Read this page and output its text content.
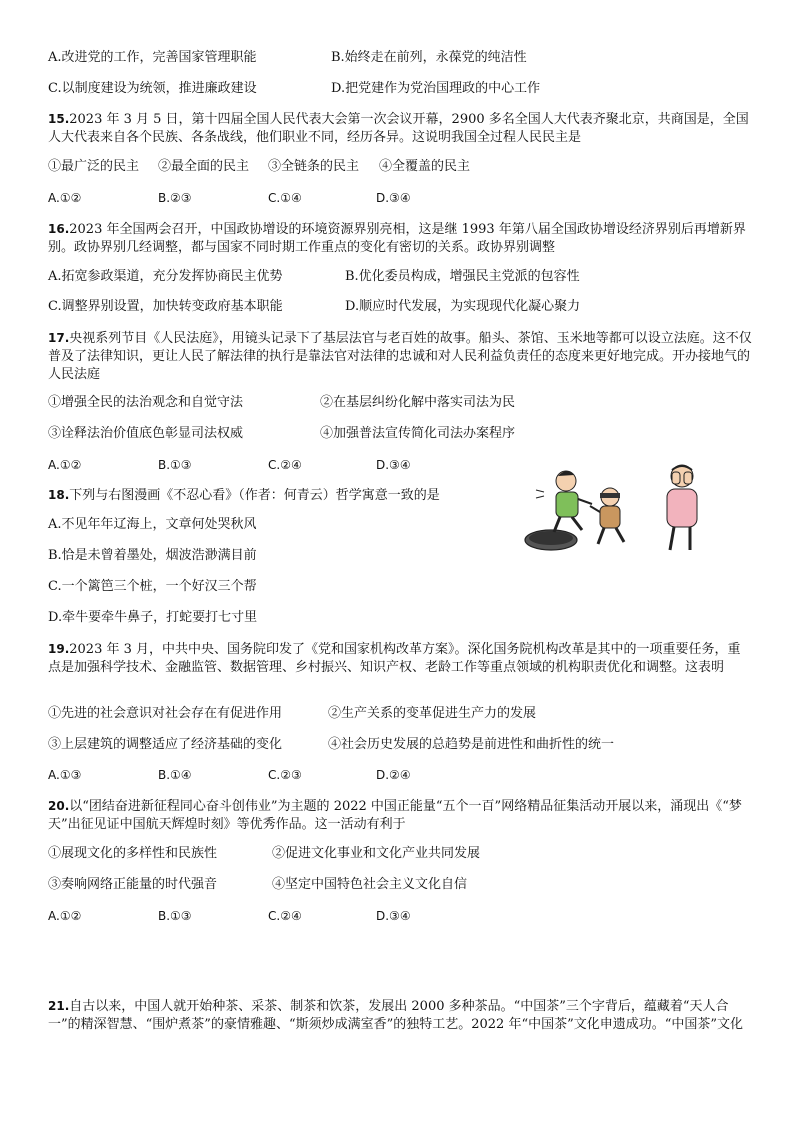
A.改进党的工作，完善国家管理职能	B.始终走在前列，永葆党的纯洁性
C.以制度建设为统领，推进廉政建设	D.把党建作为党治国理政的中心工作
15.2023 年 3 月 5 日，第十四届全国人民代表大会第一次会议开幕，2900 多名全国人大代表齐聚北京，共商国是，全国人大代表来自各个民族、各条战线，他们职业不同，经历各异。这说明我国全过程人民民主是
①最广泛的民主 ②最全面的民主 ③全链条的民主 ④全覆盖的民主
A.①②	B.②③	C.①④	D.③④
16.2023 年全国两会召开，中国政协增设的环境资源界别亮相，这是继 1993 年第八届全国政协增设经济界别后再增新界别。政协界别几经调整，都与国家不同时期工作重点的变化有密切的关系。政协界别调整
A.拓宽参政渠道，充分发挥协商民主优势	B.优化委员构成，增强民主党派的包容性
C.调整界别设置，加快转变政府基本职能	D.顺应时代发展，为实现现代化凝心聚力
17.央视系列节目《人民法庭》，用镜头记录下了基层法官与老百姓的故事。船头、茶馆、玉米地等都可以设立法庭。这不仅普及了法律知识，更让人民了解法律的执行是靠法官对法律的忠诚和对人民利益负责任的态度来更好地完成。开办接地气的人民法庭
①增强全民的法治观念和自觉守法	②在基层纠纷化解中落实司法为民
③诠释法治价值底色彰显司法权威	④加强普法宣传简化司法办案程序
A.①②	B.①③	C.②④	D.③④
18.下列与右图漫画《不忍心看》（作者：何青云）哲学寓意一致的是
A.不见年年辽海上，文章何处哭秋风
B.恰是未曾着墨处，烟波浩渺满目前
C.一个篱笆三个桩，一个好汉三个帮
D.牵牛要牵牛鼻子，打蛇要打七寸里
19.2023 年 3 月，中共中央、国务院印发了《党和国家机构改革方案》。深化国务院机构改革是其中的一项重要任务，重点是加强科学技术、金融监管、数据管理、乡村振兴、知识产权、老龄工作等重点领域的机构职责优化和调整。这表明
①先进的社会意识对社会存在有促进作用	②生产关系的变革促进生产力的发展
③上层建筑的调整适应了经济基础的变化	④社会历史发展的总趋势是前进性和曲折性的统一
A.①③	B.①④	C.②③	D.②④
20.以“团结奋进新征程同心奋斗创伟业”为主题的 2022 中国正能量“五个一百”网络精品征集活动开展以来，涌现出《“梦天”出征见证中国航天辉煌时刻》等优秀作品。这一活动有利于
①展现文化的多样性和民族性	②促进文化事业和文化产业共同发展
③奏响网络正能量的时代强音	④坚定中国特色社会主义文化自信
A.①②	B.①③	C.②④	D.③④
21.自古以来，中国人就开始种茶、采茶、制茶和饮茶，发展出 2000 多种茶品。“中国茶”三个字背后，蕴藏着“天人合一”的精深智慧、“围炉煮茶”的豪情雅趣、“斯须炒成满室香”的独特工艺。2022 年“中国茶”文化申遗成功。“中国茶”文化
